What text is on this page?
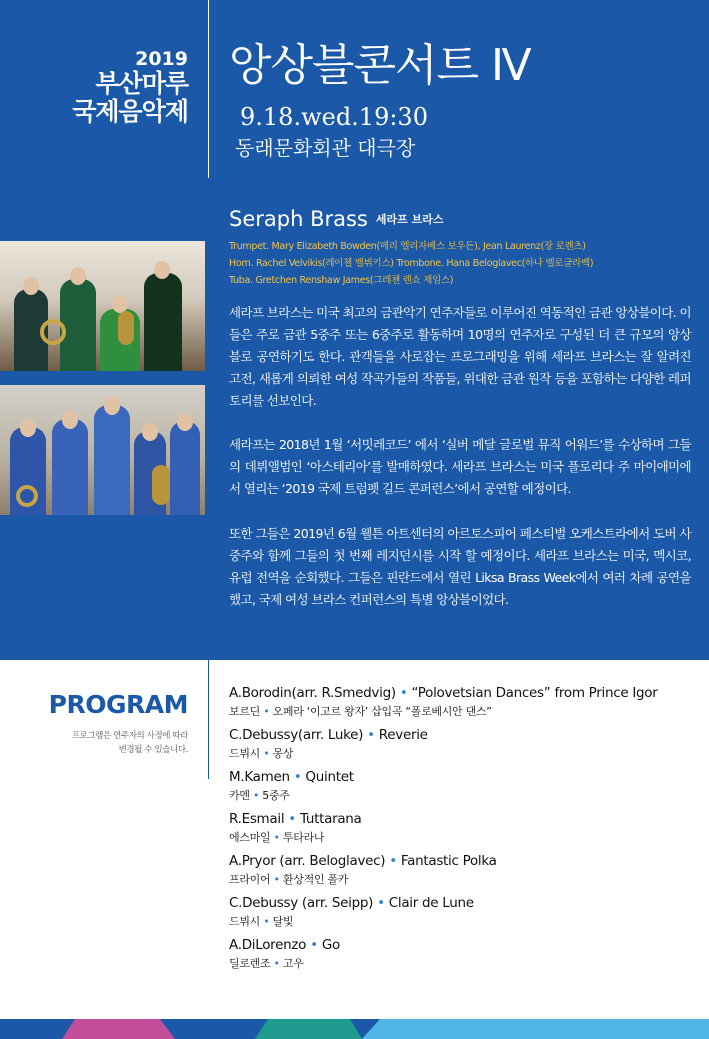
2019
부산마루
국제음악제
앙상블콘서트 Ⅳ
9.18.wed.19:30
동래문화회관 대극장
Seraph Brass 세라프 브라스
Trumpet. Mary Elizabeth Bowden(메리 엘리자베스 보우든), Jean Laurenz(장 로렌츠)
Horn. Rachel Velvikis(레이첼 벨뷔키스) Trombone. Hana Beloglavec(하나 벨로글라벡)
Tuba. Gretchen Renshaw James(그레첸 렌쇼 제임스)

세라프 브라스는 미국 최고의 금관악기 연주자들로 이루어진 역동적인 금관 앙상블이다. 이들은 주로 금관 5중주 또는 6중주로 활동하며 10명의 연주자로 구성된 더 큰 규모의 앙상블로 공연하기도 한다. 관객들을 사로잡는 프로그래밍을 위해 세라프 브라스는 잘 알려진 고전, 새롭게 의뢰한 여성 작곡가들의 작품들, 위대한 금관 원작 등을 포함하는 다양한 레퍼토리를 선보인다.

세라프는 2018년 1월 ‘서밋레코드’ 에서 ‘실버 메달 글로벌 뮤직 어워드’를 수상하며 그들의 데뷔앨범인 ‘아스테리아’를 발매하였다. 세라프 브라스는 미국 플로리다 주 마이애미에서 열리는 ‘2019 국제 트럼펫 길드 콘퍼런스’에서 공연할 예정이다.

또한 그들은 2019년 6월 웰튼 아트센터의 아르토스피어 페스티벌 오케스트라에서 도버 사중주와 함께 그들의 첫 번째 레지던시를 시작 할 예정이다. 세라프 브라스는 미국, 멕시코, 유럽 전역을 순회했다. 그들은 핀란드에서 열린 Liksa Brass Week에서 여러 차례 공연을 했고, 국제 여성 브라스 컨퍼런스의 특별 앙상블이었다.

PROGRAM
프로그램은 연주자의 사정에 따라
변경될 수 있습니다.
A.Borodin(arr. R.Smedvig) • “Polovetsian Dances” from Prince Igor
보르딘 • 오페라 ‘이고르 왕자’ 삽입곡 “폴로베시안 댄스”
C.Debussy(arr. Luke) • Reverie
드뷔시 • 몽상
M.Kamen • Quintet
카멘 • 5중주
R.Esmail • Tuttarana
에스마일 • 투타라나
A.Pryor (arr. Beloglavec) • Fantastic Polka
프라이어 • 환상적인 폴카
C.Debussy (arr. Seipp) • Clair de Lune
드뷔시 • 달빛
A.DiLorenzo • Go
딜로렌조 • 고우
